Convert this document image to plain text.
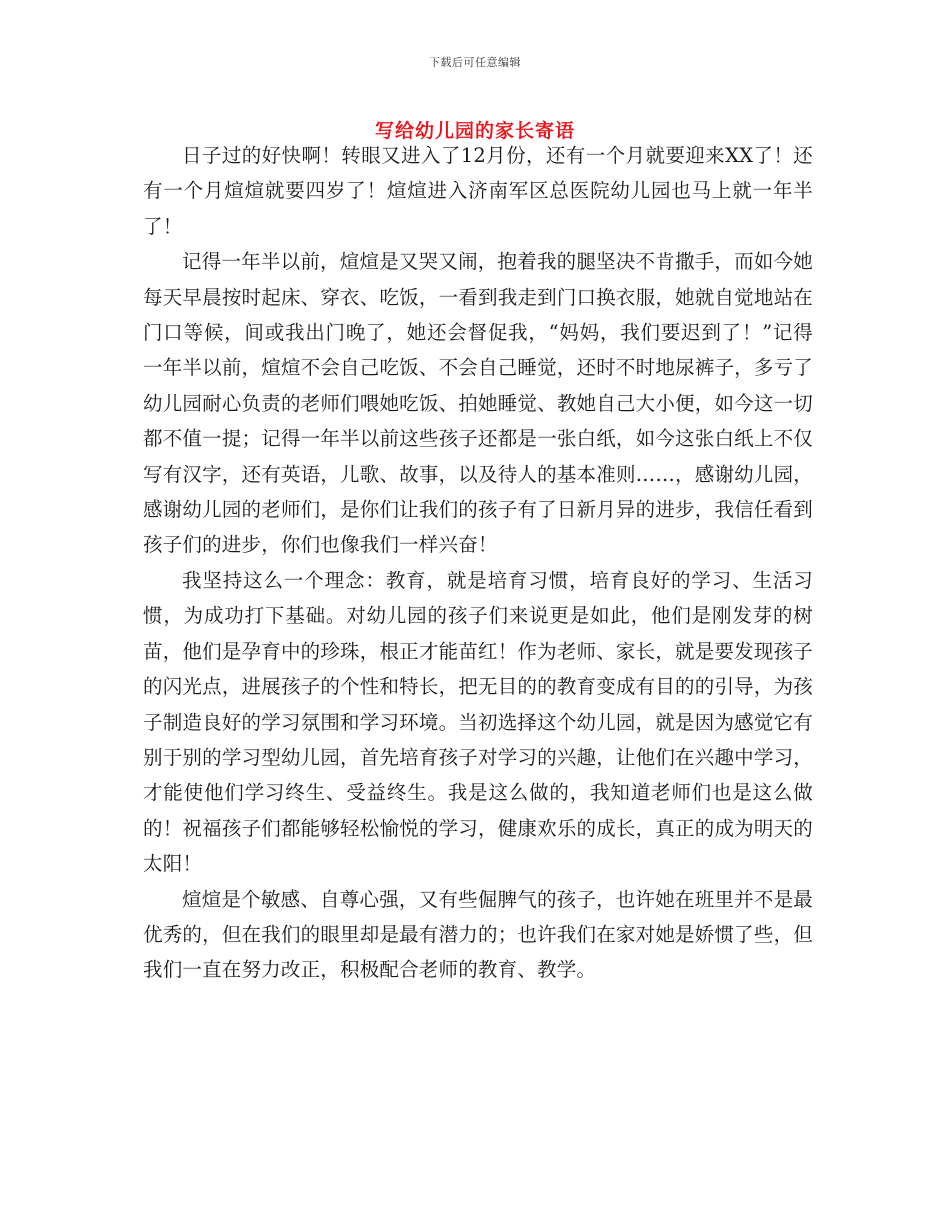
下载后可任意编辑
写给幼儿园的家长寄语

日子过的好快啊！转眼又进入了12月份，还有一个月就要迎来XX了！还有一个月煊煊就要四岁了！煊煊进入济南军区总医院幼儿园也马上就一年半了！

记得一年半以前，煊煊是又哭又闹，抱着我的腿坚决不肯撒手，而如今她每天早晨按时起床、穿衣、吃饭，一看到我走到门口换衣服，她就自觉地站在门口等候，间或我出门晚了，她还会督促我，“妈妈，我们要迟到了！”记得一年半以前，煊煊不会自己吃饭、不会自己睡觉，还时不时地尿裤子，多亏了幼儿园耐心负责的老师们喂她吃饭、拍她睡觉、教她自己大小便，如今这一切都不值一提；记得一年半以前这些孩子还都是一张白纸，如今这张白纸上不仅写有汉字，还有英语，儿歌、故事，以及待人的基本准则……，感谢幼儿园，感谢幼儿园的老师们，是你们让我们的孩子有了日新月异的进步，我信任看到孩子们的进步，你们也像我们一样兴奋！

我坚持这么一个理念：教育，就是培育习惯，培育良好的学习、生活习惯，为成功打下基础。对幼儿园的孩子们来说更是如此，他们是刚发芽的树苗，他们是孕育中的珍珠，根正才能苗红！作为老师、家长，就是要发现孩子的闪光点，进展孩子的个性和特长，把无目的的教育变成有目的的引导，为孩子制造良好的学习氛围和学习环境。当初选择这个幼儿园，就是因为感觉它有别于别的学习型幼儿园，首先培育孩子对学习的兴趣，让他们在兴趣中学习，才能使他们学习终生、受益终生。我是这么做的，我知道老师们也是这么做的！祝福孩子们都能够轻松愉悦的学习，健康欢乐的成长，真正的成为明天的太阳！

煊煊是个敏感、自尊心强，又有些倔脾气的孩子，也许她在班里并不是最优秀的，但在我们的眼里却是最有潜力的；也许我们在家对她是娇惯了些，但我们一直在努力改正，积极配合老师的教育、教学。
